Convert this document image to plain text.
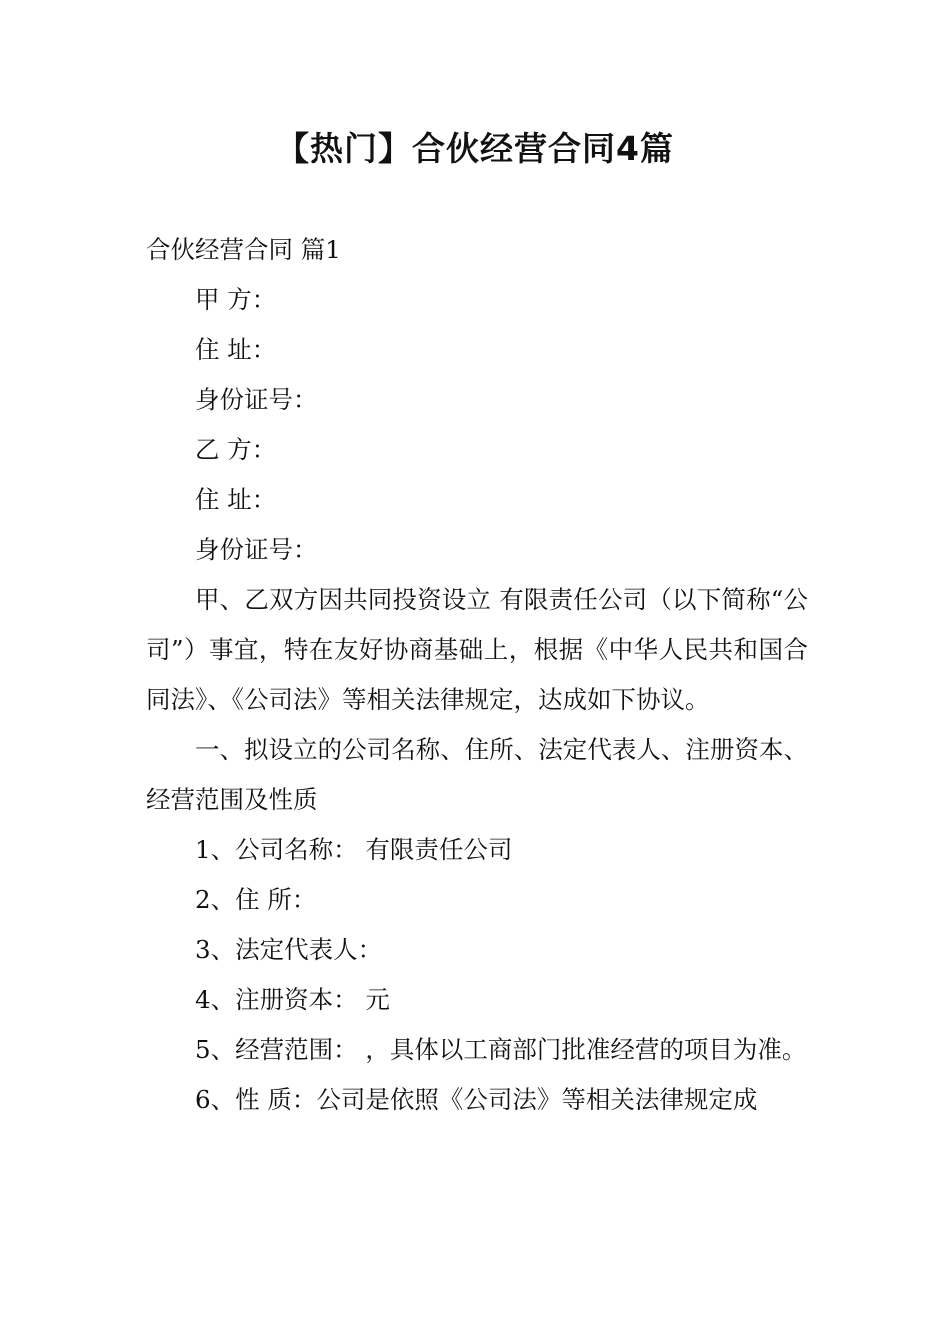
【热门】合伙经营合同4篇

合伙经营合同 篇1

甲 方：

住 址：

身份证号：

乙 方：

住 址：

身份证号：

甲、乙双方因共同投资设立 有限责任公司（以下简称“公司”）事宜，特在友好协商基础上，根据《中华人民共和国合同法》、《公司法》等相关法律规定，达成如下协议。

一、拟设立的公司名称、住所、法定代表人、注册资本、经营范围及性质

1、公司名称： 有限责任公司

2、住 所：

3、法定代表人：

4、注册资本： 元

5、经营范围： ，具体以工商部门批准经营的项目为准。

6、性 质：公司是依照《公司法》等相关法律规定成
